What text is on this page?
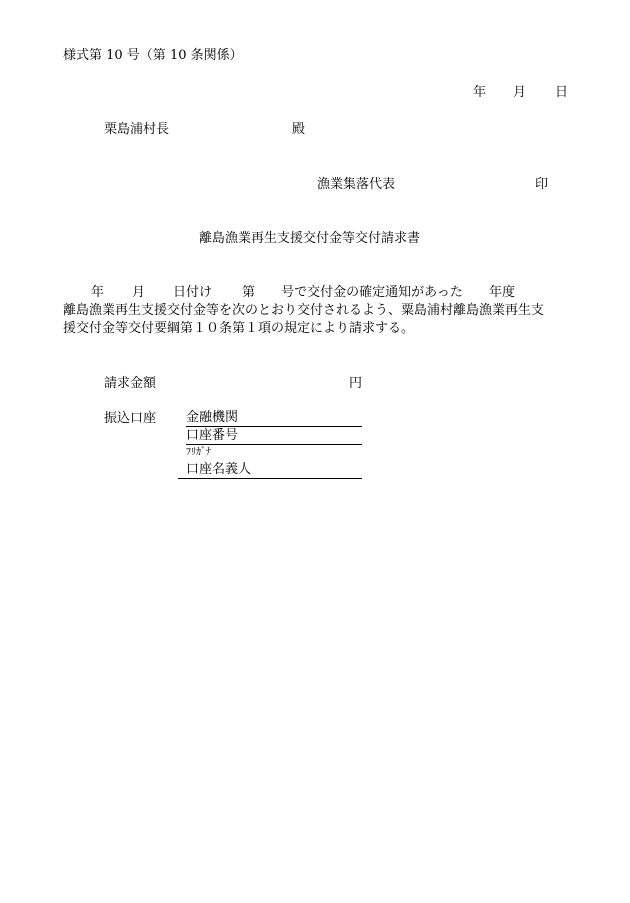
様式第 10 号（第 10 条関係）
年 月 日
栗島浦村長	殿
漁業集落代表	印
離島漁業再生支援交付金等交付請求書
年 月 日付け 第 号で交付金の確定通知があった 年度
離島漁業再生支援交付金等を次のとおり交付されるよう、粟島浦村離島漁業再生支
援交付金等交付要綱第１０条第１項の規定により請求する。
請求金額	円
振込口座 金融機関
口座番号
ﾌﾘｶﾞﾅ
口座名義人
